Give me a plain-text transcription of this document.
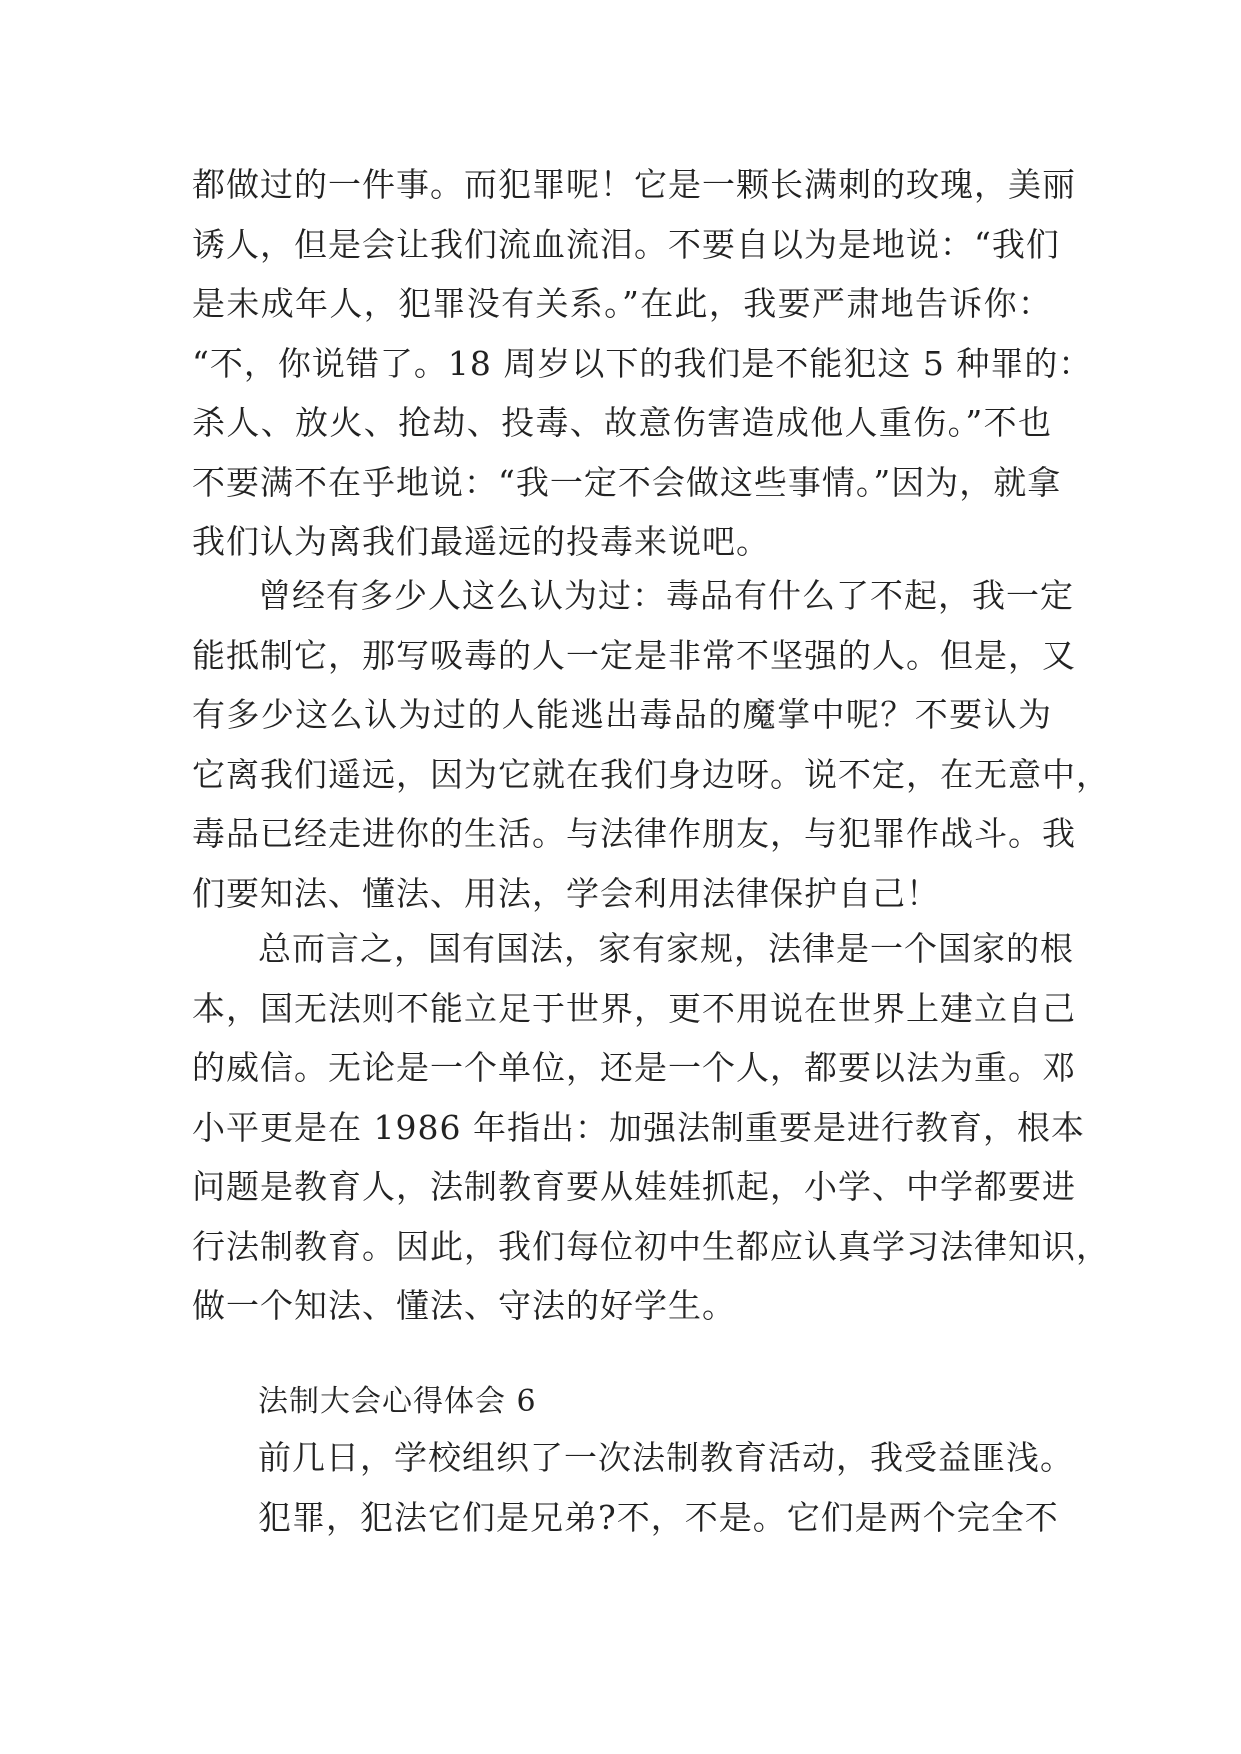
都做过的一件事。而犯罪呢！它是一颗长满刺的玫瑰，美丽
诱人，但是会让我们流血流泪。不要自以为是地说：“我们
是未成年人，犯罪没有关系。”在此，我要严肃地告诉你：
“不，你说错了。18 周岁以下的我们是不能犯这 5 种罪的：
杀人、放火、抢劫、投毒、故意伤害造成他人重伤。”不也
不要满不在乎地说：“我一定不会做这些事情。”因为，就拿
我们认为离我们最遥远的投毒来说吧。
曾经有多少人这么认为过：毒品有什么了不起，我一定
能抵制它，那写吸毒的人一定是非常不坚强的人。但是，又
有多少这么认为过的人能逃出毒品的魔掌中呢？不要认为
它离我们遥远，因为它就在我们身边呀。说不定，在无意中，
毒品已经走进你的生活。与法律作朋友，与犯罪作战斗。我
们要知法、懂法、用法，学会利用法律保护自己！
总而言之，国有国法，家有家规，法律是一个国家的根
本，国无法则不能立足于世界，更不用说在世界上建立自己
的威信。无论是一个单位，还是一个人，都要以法为重。邓
小平更是在 1986 年指出：加强法制重要是进行教育，根本
问题是教育人，法制教育要从娃娃抓起，小学、中学都要进
行法制教育。因此，我们每位初中生都应认真学习法律知识，
做一个知法、懂法、守法的好学生。
法制大会心得体会 6
前几日，学校组织了一次法制教育活动，我受益匪浅。
犯罪，犯法它们是兄弟?不，不是。它们是两个完全不
